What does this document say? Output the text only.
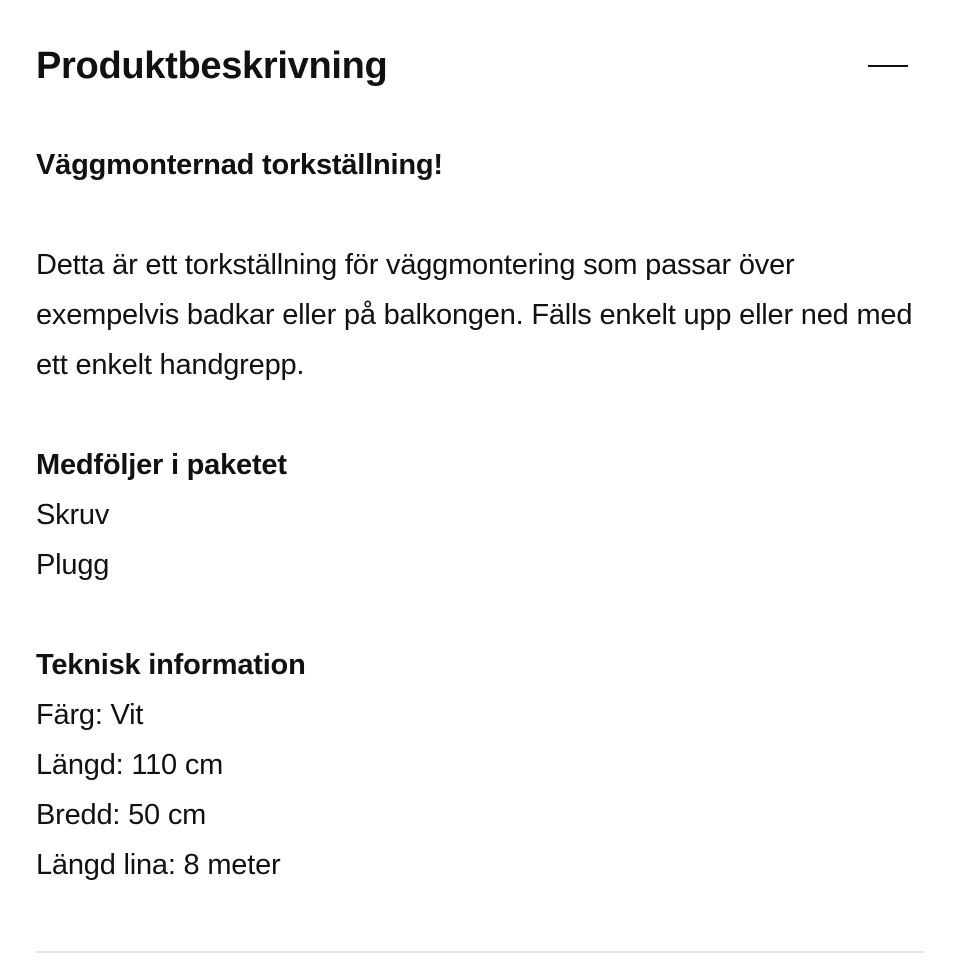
Produktbeskrivning
Väggmonternad torkställning!

Detta är ett torkställning för väggmontering som passar över exempelvis badkar eller på balkongen. Fälls enkelt upp eller ned med ett enkelt handgrepp.

Medföljer i paketet
Skruv
Plugg
Teknisk information
Färg: Vit
Längd: 110 cm
Bredd: 50 cm
Längd lina: 8 meter
